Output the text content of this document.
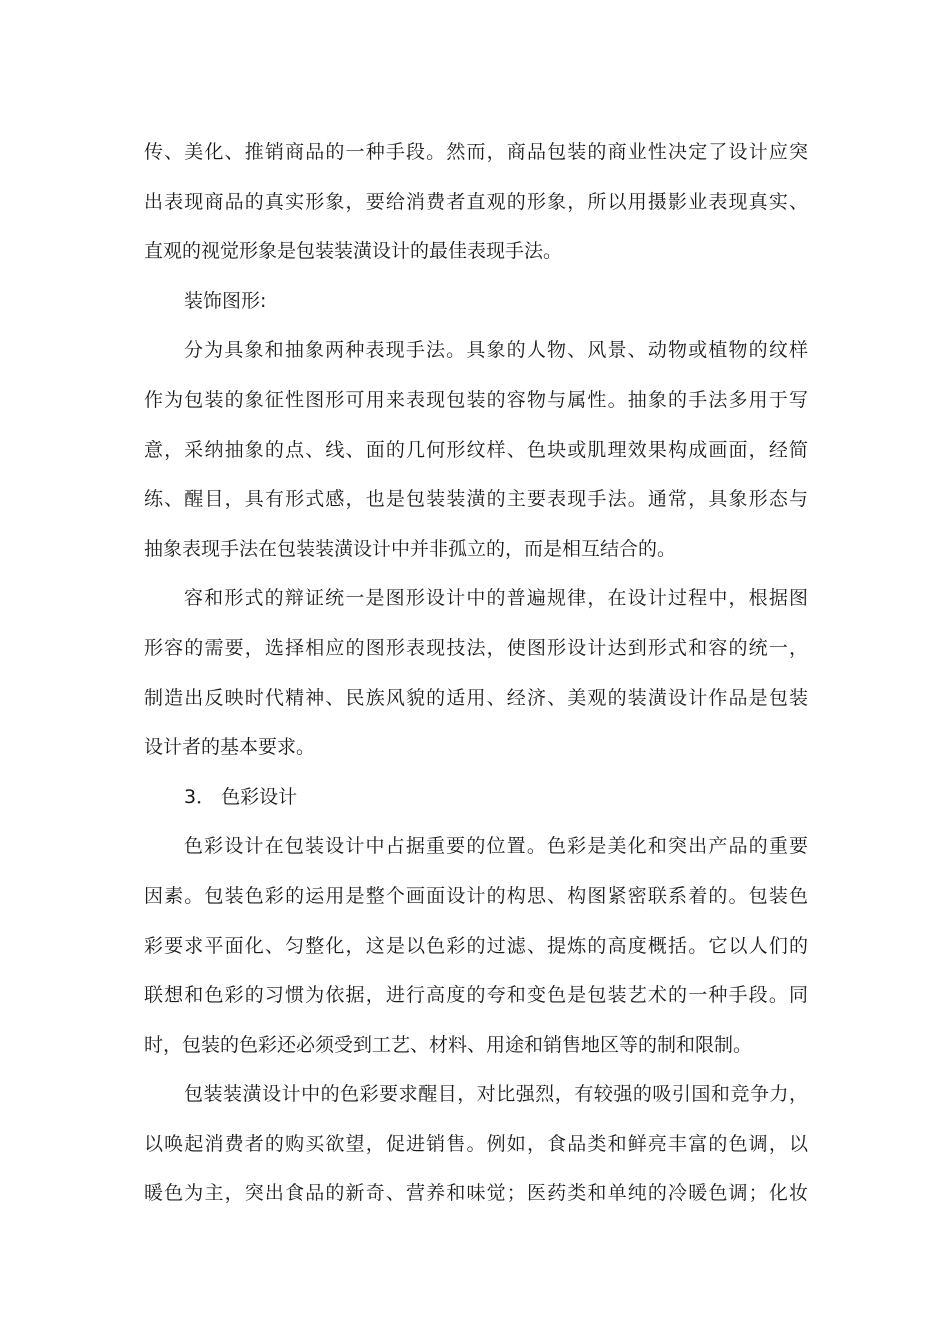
传、美化、推销商品的一种手段。然而，商品包装的商业性决定了设计应突

出表现商品的真实形象，要给消费者直观的形象，所以用摄影业表现真实、

直观的视觉形象是包装装潢设计的最佳表现手法。

装饰图形:

分为具象和抽象两种表现手法。具象的人物、风景、动物或植物的纹样

作为包装的象征性图形可用来表现包装的容物与属性。抽象的手法多用于写

意，采纳抽象的点、线、面的几何形纹样、色块或肌理效果构成画面，经简

练、醒目，具有形式感，也是包装装潢的主要表现手法。通常，具象形态与

抽象表现手法在包装装潢设计中并非孤立的，而是相互结合的。

容和形式的辩证统一是图形设计中的普遍规律，在设计过程中，根据图

形容的需要，选择相应的图形表现技法，使图形设计达到形式和容的统一，

制造出反映时代精神、民族风貌的适用、经济、美观的装潢设计作品是包装

设计者的基本要求。

3． 色彩设计

色彩设计在包装设计中占据重要的位置。色彩是美化和突出产品的重要

因素。包装色彩的运用是整个画面设计的构思、构图紧密联系着的。包装色

彩要求平面化、匀整化，这是以色彩的过滤、提炼的高度概括。它以人们的

联想和色彩的习惯为依据，进行高度的夸和变色是包装艺术的一种手段。同

时，包装的色彩还必须受到工艺、材料、用途和销售地区等的制和限制。

包装装潢设计中的色彩要求醒目，对比强烈，有较强的吸引国和竞争力，

以唤起消费者的购买欲望，促进销售。例如，食品类和鲜亮丰富的色调，以

暖色为主，突出食品的新奇、营养和味觉；医药类和单纯的冷暖色调；化妆
